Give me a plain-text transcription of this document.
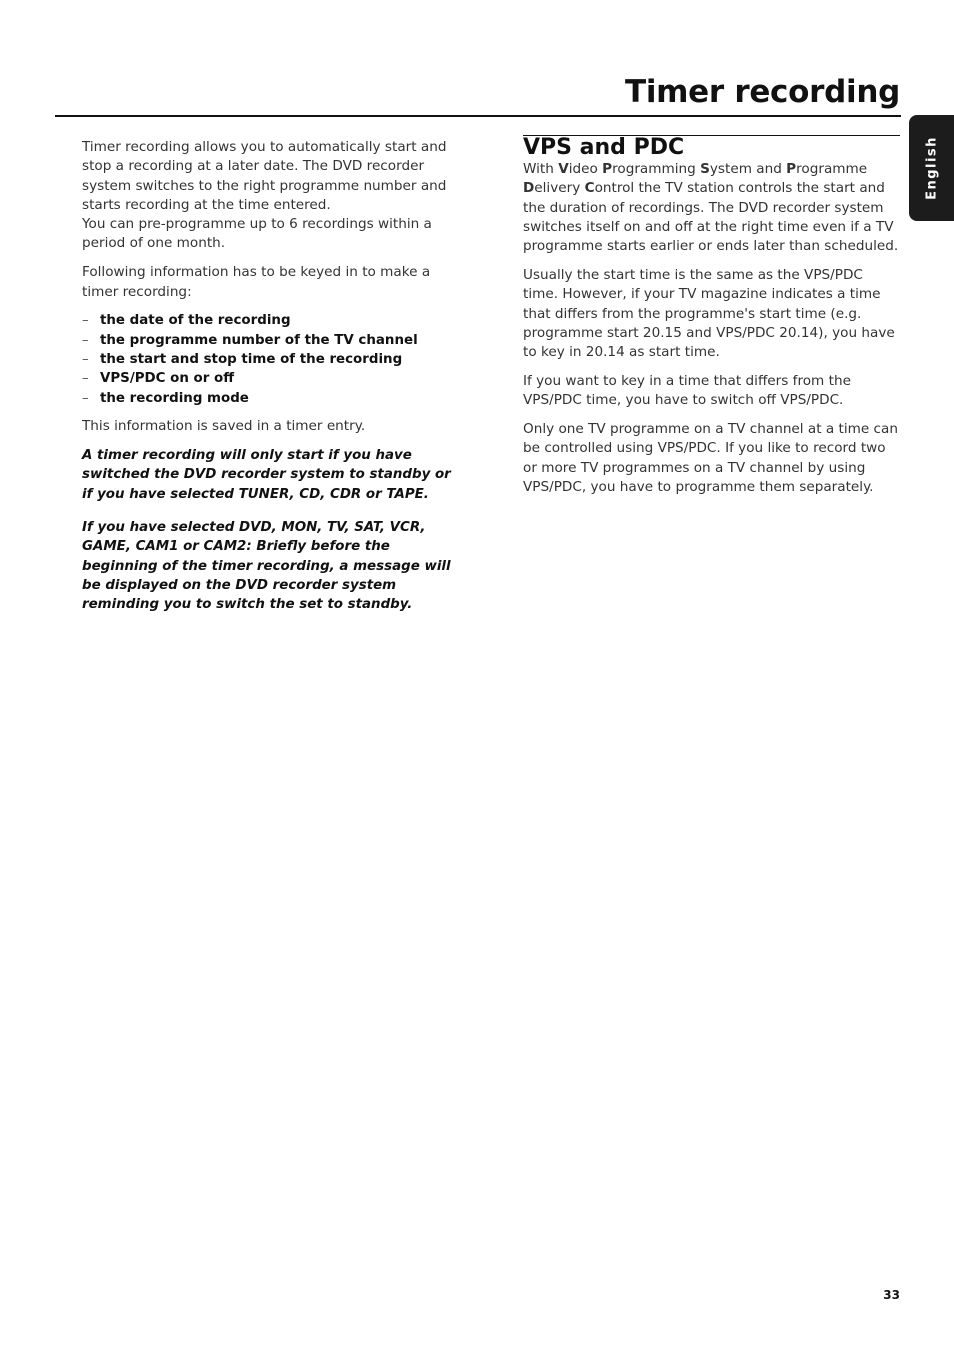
Timer recording
English

Timer recording allows you to automatically start and stop a recording at a later date. The DVD recorder system switches to the right programme number and starts recording at the time entered.
You can pre-programme up to 6 recordings within a period of one month.

Following information has to be keyed in to make a timer recording:

– the date of the recording
– the programme number of the TV channel
– the start and stop time of the recording
– VPS/PDC on or off
– the recording mode

This information is saved in a timer entry.

A timer recording will only start if you have switched the DVD recorder system to standby or if you have selected TUNER, CD, CDR or TAPE.

If you have selected DVD, MON, TV, SAT, VCR, GAME, CAM1 or CAM2: Briefly before the beginning of the timer recording, a message will be displayed on the DVD recorder system reminding you to switch the set to standby.

VPS and PDC

With Video Programming System and Programme Delivery Control the TV station controls the start and the duration of recordings. The DVD recorder system switches itself on and off at the right time even if a TV programme starts earlier or ends later than scheduled.

Usually the start time is the same as the VPS/PDC time. However, if your TV magazine indicates a time that differs from the programme's start time (e.g. programme start 20.15 and VPS/PDC 20.14), you have to key in 20.14 as start time.

If you want to key in a time that differs from the VPS/PDC time, you have to switch off VPS/PDC.

Only one TV programme on a TV channel at a time can be controlled using VPS/PDC. If you like to record two or more TV programmes on a TV channel by using VPS/PDC, you have to programme them separately.

33
